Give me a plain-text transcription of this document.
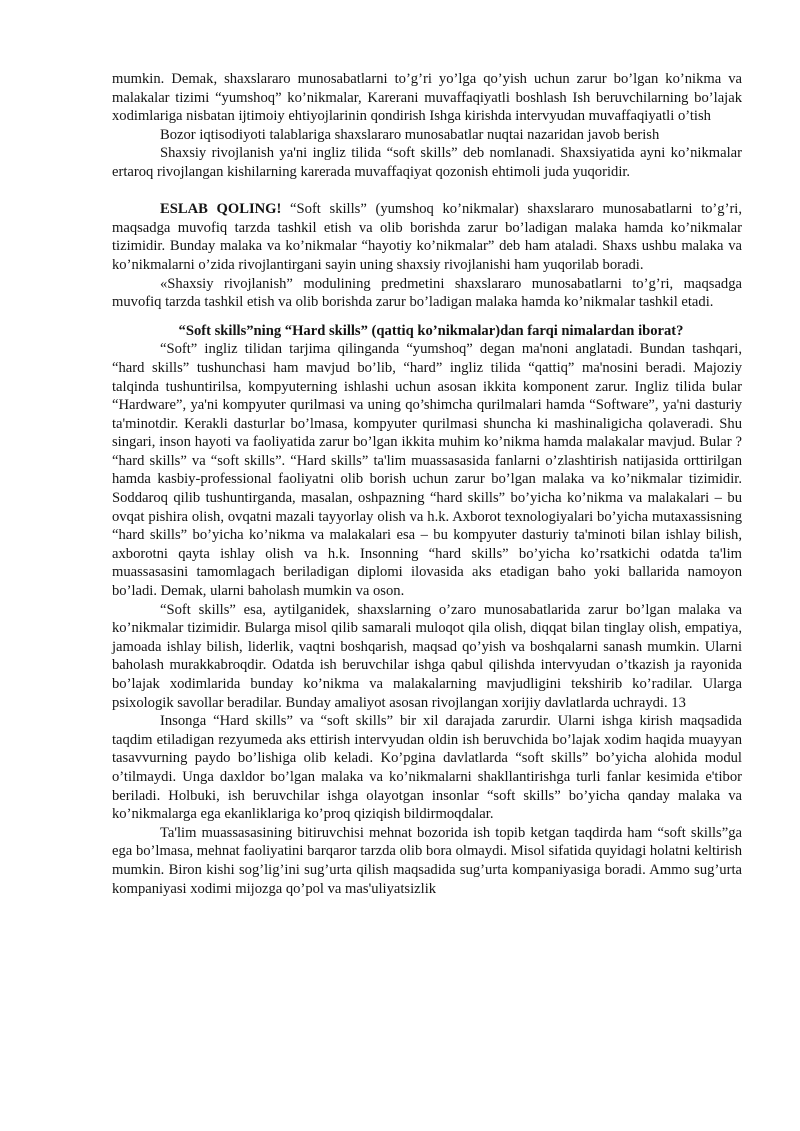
mumkin. Demak, shaxslararo munosabatlarni to’g’ri yo’lga qo’yish uchun zarur bo’lgan ko’nikma va malakalar tizimi “yumshoq” ko’nikmalar, Karerani muvaffaqiyatli boshlash Ish beruvchilarning bo’lajak xodimlariga nisbatan ijtimoiy ehtiyojlarinin qondirish Ishga kirishda intervyudan muvaffaqiyatli o’tish

Bozor iqtisodiyoti talablariga shaxslararo munosabatlar nuqtai nazaridan javob berish

Shaxsiy rivojlanish ya'ni ingliz tilida “soft skills” deb nomlanadi. Shaxsiyatida ayni ko’nikmalar ertaroq rivojlangan kishilarning karerada muvaffaqiyat qozonish ehtimoli juda yuqoridir.

ESLAB QOLING! “Soft skills” (yumshoq ko’nikmalar) shaxslararo munosabatlarni to’g’ri, maqsadga muvofiq tarzda tashkil etish va olib borishda zarur bo’ladigan malaka hamda ko’nikmalar tizimidir. Bunday malaka va ko’nikmalar “hayotiy ko’nikmalar” deb ham ataladi. Shaxs ushbu malaka va ko’nikmalarni o’zida rivojlantirgani sayin uning shaxsiy rivojlanishi ham yuqorilab boradi.

«Shaxsiy rivojlanish” modulining predmetini shaxslararo munosabatlarni to’g’ri, maqsadga muvofiq tarzda tashkil etish va olib borishda zarur bo’ladigan malaka hamda ko’nikmalar tashkil etadi.

“Soft skills”ning “Hard skills” (qattiq ko’nikmalar)dan farqi nimalardan iborat?

“Soft” ingliz tilidan tarjima qilinganda “yumshoq” degan ma'noni anglatadi. Bundan tashqari, “hard skills” tushunchasi ham mavjud bo’lib, “hard” ingliz tilida “qattiq” ma'nosini beradi. Majoziy talqinda tushuntirilsa, kompyuterning ishlashi uchun asosan ikkita komponent zarur. Ingliz tilida bular “Hardware”, ya'ni kompyuter qurilmasi va uning qo’shimcha qurilmalari hamda “Software”, ya'ni dasturiy ta'minotdir. Kerakli dasturlar bo’lmasa, kompyuter qurilmasi shuncha ki mashinaligicha qolaveradi. Shu singari, inson hayoti va faoliyatida zarur bo’lgan ikkita muhim ko’nikma hamda malakalar mavjud. Bular ? “hard skills” va “soft skills”. “Hard skills” ta'lim muassasasida fanlarni o’zlashtirish natijasida orttirilgan hamda kasbiy-professional faoliyatni olib borish uchun zarur bo’lgan malaka va ko’nikmalar tizimidir. Soddaroq qilib tushuntirganda, masalan, oshpazning “hard skills” bo’yicha ko’nikma va malakalari – bu ovqat pishira olish, ovqatni mazali tayyorlay olish va h.k. Axborot texnologiyalari bo’yicha mutaxassisning “hard skills” bo’yicha ko’nikma va malakalari esa – bu kompyuter dasturiy ta'minoti bilan ishlay bilish, axborotni qayta ishlay olish va h.k. Insonning “hard skills” bo’yicha ko’rsatkichi odatda ta'lim muassasasini tamomlagach beriladigan diplomi ilovasida aks etadigan baho yoki ballarida namoyon bo’ladi. Demak, ularni baholash mumkin va oson.

“Soft skills” esa, aytilganidek, shaxslarning o’zaro munosabatlarida zarur bo’lgan malaka va ko’nikmalar tizimidir. Bularga misol qilib samarali muloqot qila olish, diqqat bilan tinglay olish, empatiya, jamoada ishlay bilish, liderlik, vaqtni boshqarish, maqsad qo’yish va boshqalarni sanash mumkin. Ularni baholash murakkabroqdir. Odatda ish beruvchilar ishga qabul qilishda intervyudan o’tkazish ja rayonida bo’lajak xodimlarida bunday ko’nikma va malakalarning mavjudligini tekshirib ko’radilar. Ularga psixologik savollar beradilar. Bunday amaliyot asosan rivojlangan xorijiy davlatlarda uchraydi. 13

Insonga “Hard skills” va “soft skills” bir xil darajada zarurdir. Ularni ishga kirish maqsadida taqdim etiladigan rezyumeda aks ettirish intervyudan oldin ish beruvchida bo’lajak xodim haqida muayyan tasavvurning paydo bo’lishiga olib keladi. Ko’pgina davlatlarda “soft skills” bo’yicha alohida modul o’tilmaydi. Unga daxldor bo’lgan malaka va ko’nikmalarni shakllantirishga turli fanlar kesimida e'tibor beriladi. Holbuki, ish beruvchilar ishga olayotgan insonlar “soft skills” bo’yicha qanday malaka va ko’nikmalarga ega ekanliklariga ko’proq qiziqish bildirmoqdalar.

Ta'lim muassasasining bitiruvchisi mehnat bozorida ish topib ketgan taqdirda ham “soft skills”ga ega bo’lmasa, mehnat faoliyatini barqaror tarzda olib bora olmaydi. Misol sifatida quyidagi holatni keltirish mumkin. Biron kishi sog’lig’ini sug’urta qilish maqsadida sug’urta kompaniyasiga boradi. Ammo sug’urta kompaniyasi xodimi mijozga qo’pol va mas'uliyatsizlik
